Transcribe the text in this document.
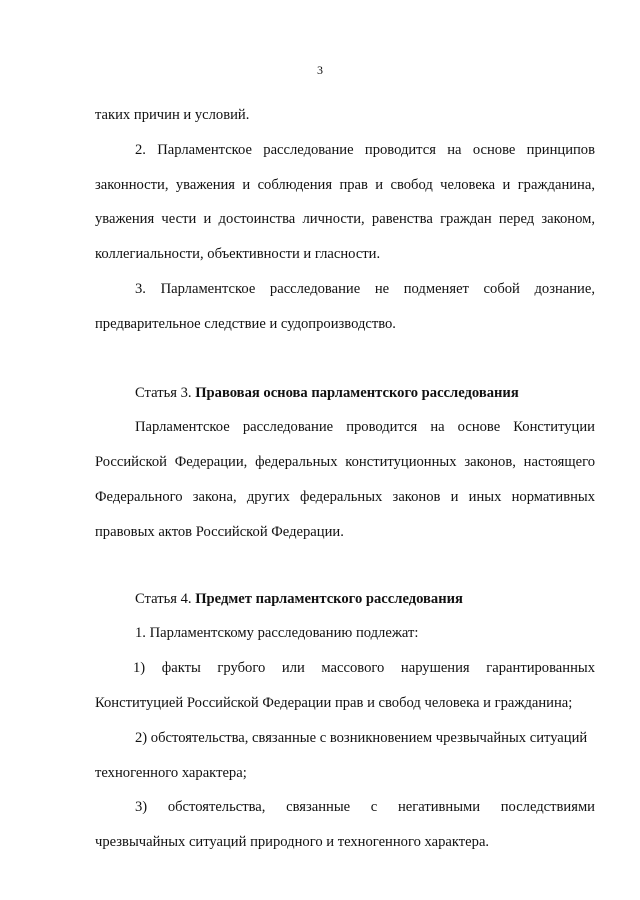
3
таких причин и условий.
2. Парламентское расследование проводится на основе принципов
законности, уважения и соблюдения прав и свобод человека и гражданина,
уважения чести и достоинства личности, равенства граждан перед законом,
коллегиальности, объективности и гласности.
3. Парламентское расследование не подменяет собой дознание,
предварительное следствие и судопроизводство.
Статья 3. Правовая основа парламентского расследования
Парламентское расследование проводится на основе Конституции
Российской Федерации, федеральных конституционных законов, настоящего
Федерального закона, других федеральных законов и иных нормативных
правовых актов Российской Федерации.
Статья 4. Предмет парламентского расследования
1. Парламентскому расследованию подлежат:
1) факты грубого или массового нарушения гарантированных
Конституцией Российской Федерации прав и свобод человека и гражданина;
2) обстоятельства, связанные с возникновением чрезвычайных ситуаций
техногенного характера;
3) обстоятельства, связанные с негативными последствиями
чрезвычайных ситуаций природного и техногенного характера.
